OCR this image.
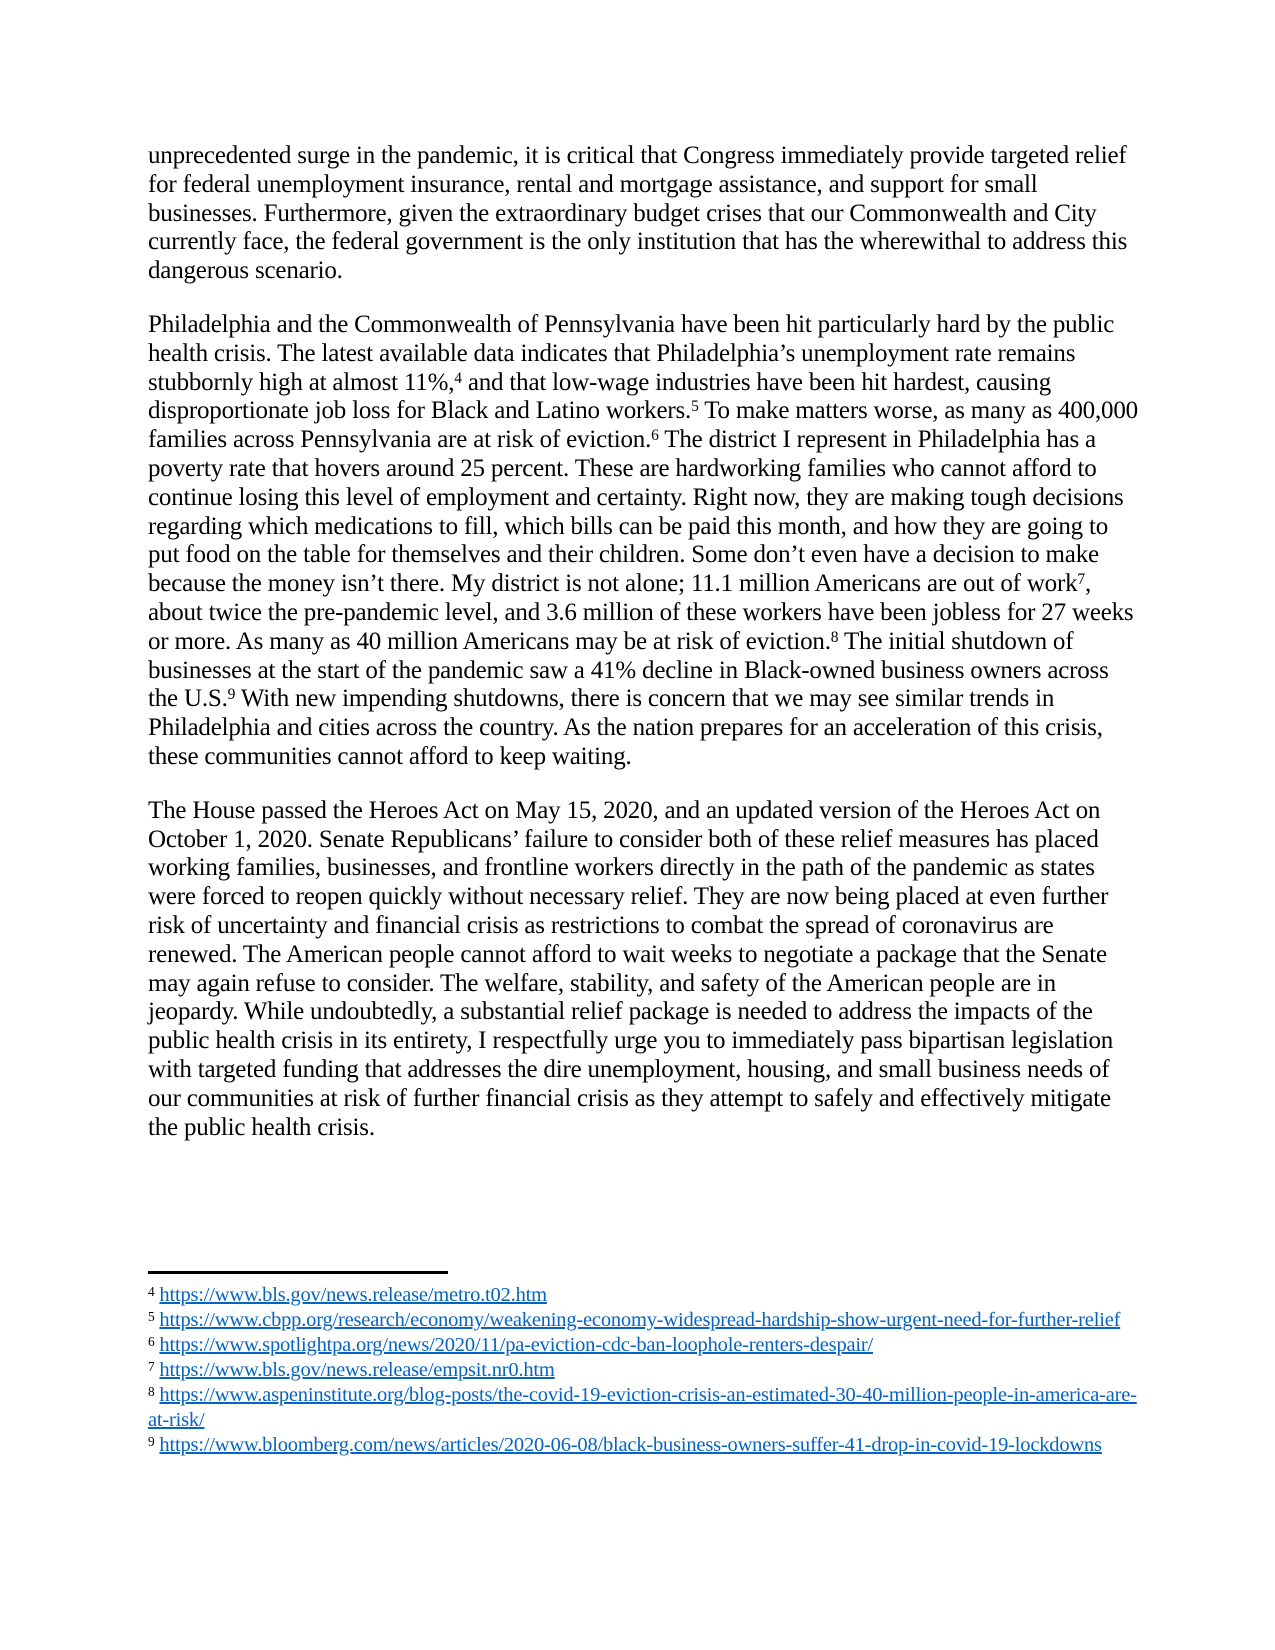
unprecedented surge in the pandemic, it is critical that Congress immediately provide targeted relief for federal unemployment insurance, rental and mortgage assistance, and support for small businesses. Furthermore, given the extraordinary budget crises that our Commonwealth and City currently face, the federal government is the only institution that has the wherewithal to address this dangerous scenario.

Philadelphia and the Commonwealth of Pennsylvania have been hit particularly hard by the public health crisis. The latest available data indicates that Philadelphia’s unemployment rate remains stubbornly high at almost 11%,$^4$ and that low-wage industries have been hit hardest, causing disproportionate job loss for Black and Latino workers.$^5$ To make matters worse, as many as 400,000 families across Pennsylvania are at risk of eviction.$^6$ The district I represent in Philadelphia has a poverty rate that hovers around 25 percent. These are hardworking families who cannot afford to continue losing this level of employment and certainty. Right now, they are making tough decisions regarding which medications to fill, which bills can be paid this month, and how they are going to put food on the table for themselves and their children. Some don’t even have a decision to make because the money isn’t there. My district is not alone; 11.1 million Americans are out of work$^7$, about twice the pre-pandemic level, and 3.6 million of these workers have been jobless for 27 weeks or more. As many as 40 million Americans may be at risk of eviction.$^8$ The initial shutdown of businesses at the start of the pandemic saw a 41% decline in Black-owned business owners across the U.S.$^9$ With new impending shutdowns, there is concern that we may see similar trends in Philadelphia and cities across the country. As the nation prepares for an acceleration of this crisis, these communities cannot afford to keep waiting.

The House passed the Heroes Act on May 15, 2020, and an updated version of the Heroes Act on October 1, 2020. Senate Republicans’ failure to consider both of these relief measures has placed working families, businesses, and frontline workers directly in the path of the pandemic as states were forced to reopen quickly without necessary relief. They are now being placed at even further risk of uncertainty and financial crisis as restrictions to combat the spread of coronavirus are renewed. The American people cannot afford to wait weeks to negotiate a package that the Senate may again refuse to consider. The welfare, stability, and safety of the American people are in jeopardy. While undoubtedly, a substantial relief package is needed to address the impacts of the public health crisis in its entirety, I respectfully urge you to immediately pass bipartisan legislation with targeted funding that addresses the dire unemployment, housing, and small business needs of our communities at risk of further financial crisis as they attempt to safely and effectively mitigate the public health crisis.

$^4$ https://www.bls.gov/news.release/metro.t02.htm
$^5$ https://www.cbpp.org/research/economy/weakening-economy-widespread-hardship-show-urgent-need-for-further-relief
$^6$ https://www.spotlightpa.org/news/2020/11/pa-eviction-cdc-ban-loophole-renters-despair/
$^7$ https://www.bls.gov/news.release/empsit.nr0.htm
$^8$ https://www.aspeninstitute.org/blog-posts/the-covid-19-eviction-crisis-an-estimated-30-40-million-people-in-america-are-at-risk/
$^9$ https://www.bloomberg.com/news/articles/2020-06-08/black-business-owners-suffer-41-drop-in-covid-19-lockdowns
